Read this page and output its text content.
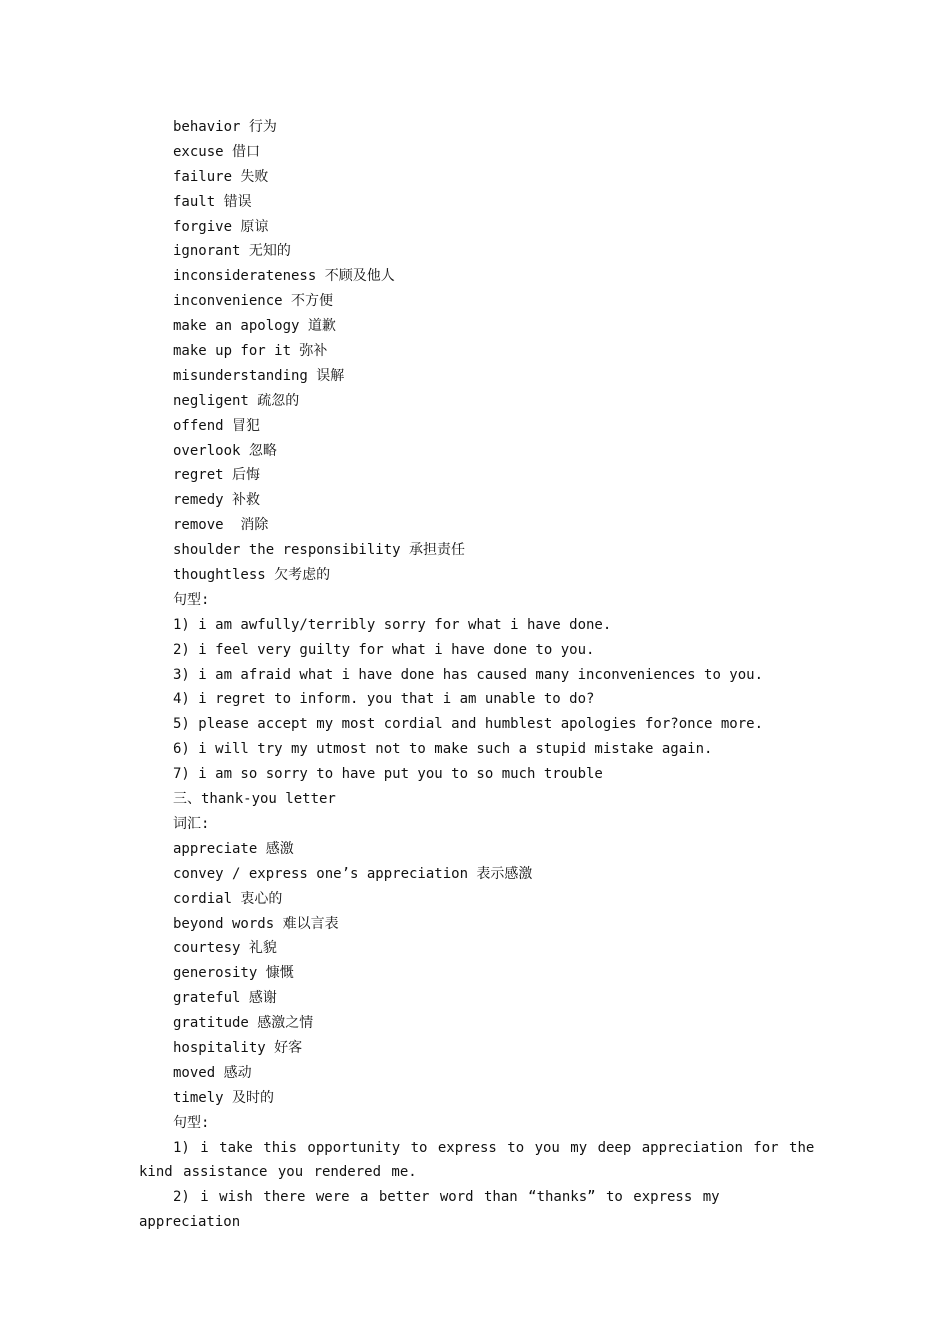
behavior 行为
excuse 借口
failure 失败
fault 错误
forgive 原谅
ignorant 无知的
inconsiderateness 不顾及他人
inconvenience 不方便
make an apology 道歉
make up for it 弥补
misunderstanding 误解
negligent 疏忽的
offend 冒犯
overlook 忽略
regret 后悔
remedy 补救
remove  消除
shoulder the responsibility 承担责任
thoughtless 欠考虑的
句型:
1) i am awfully/terribly sorry for what i have done.
2) i feel very guilty for what i have done to you.
3) i am afraid what i have done has caused many inconveniences to you.
4) i regret to inform. you that i am unable to do?
5) please accept my most cordial and humblest apologies for?once more.
6) i will try my utmost not to make such a stupid mistake again.
7) i am so sorry to have put you to so much trouble
三、thank-you letter
词汇:
appreciate 感激
convey / express one’s appreciation 表示感激
cordial 衷心的
beyond words 难以言表
courtesy 礼貌
generosity 慷慨
grateful 感谢
gratitude 感激之情
hospitality 好客
moved 感动
timely 及时的
句型:
1) i take this opportunity to express to you my deep appreciation for the kind assistance you rendered me.
2) i wish there were a better word than “thanks” to express my appreciation
